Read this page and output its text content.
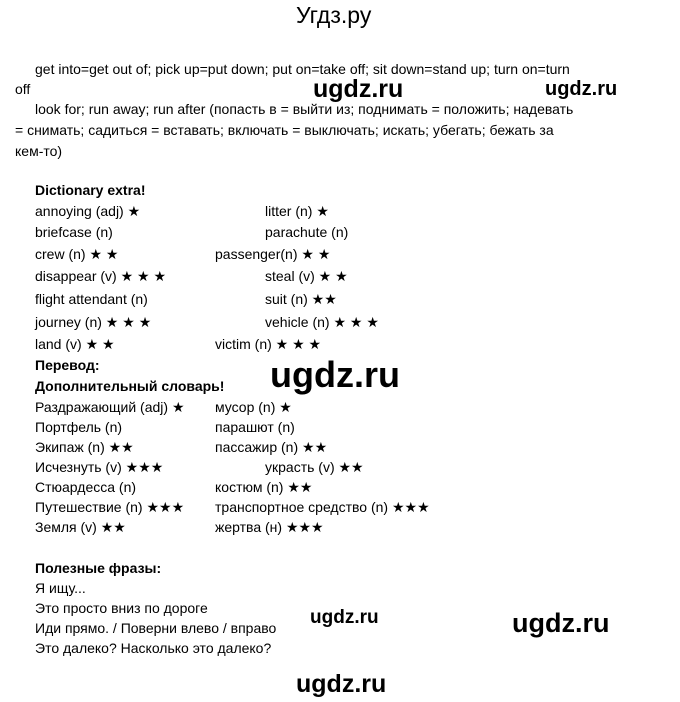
Угдз.ру
get into=get out of; pick up=put down; put on=take off; sit down=stand up; turn on=turn
off
look for; run away; run after (попасть в = выйти из; поднимать = положить; надевать
= снимать; садиться = вставать; включать = выключать; искать; убегать; бежать за
кем-то)
ugdz.ru	ugdz.ru
Dictionary extra!
annoying (adj) ★
briefcase (n)
crew (n) ★ ★
disappear (v) ★ ★ ★
flight attendant (n)
journey (n) ★ ★ ★
land (v) ★ ★
litter (n) ★
parachute (n)
passenger(n) ★ ★
steal (v) ★ ★
suit (n) ★★
vehicle (n) ★ ★ ★
victim (n) ★ ★ ★
Перевод:
Дополнительный словарь! ugdz.ru
Раздражающий (adj) ★
Портфель (n)
Экипаж (n) ★★
Исчезнуть (v) ★★★
Стюардесса (n)
Путешествие (n) ★★★
Земля (v) ★★
мусор (n) ★
парашют (n)
пассажир (n) ★★
украсть (v) ★★
костюм (n) ★★
транспортное средство (n) ★★★
жертва (н) ★★★
Полезные фразы:
Я ищу...
Это просто вниз по дороге
Иди прямо. / Поверни влево / вправо
Это далеко? Насколько это далеко?
ugdz.ru	ugdz.ru
ugdz.ru
